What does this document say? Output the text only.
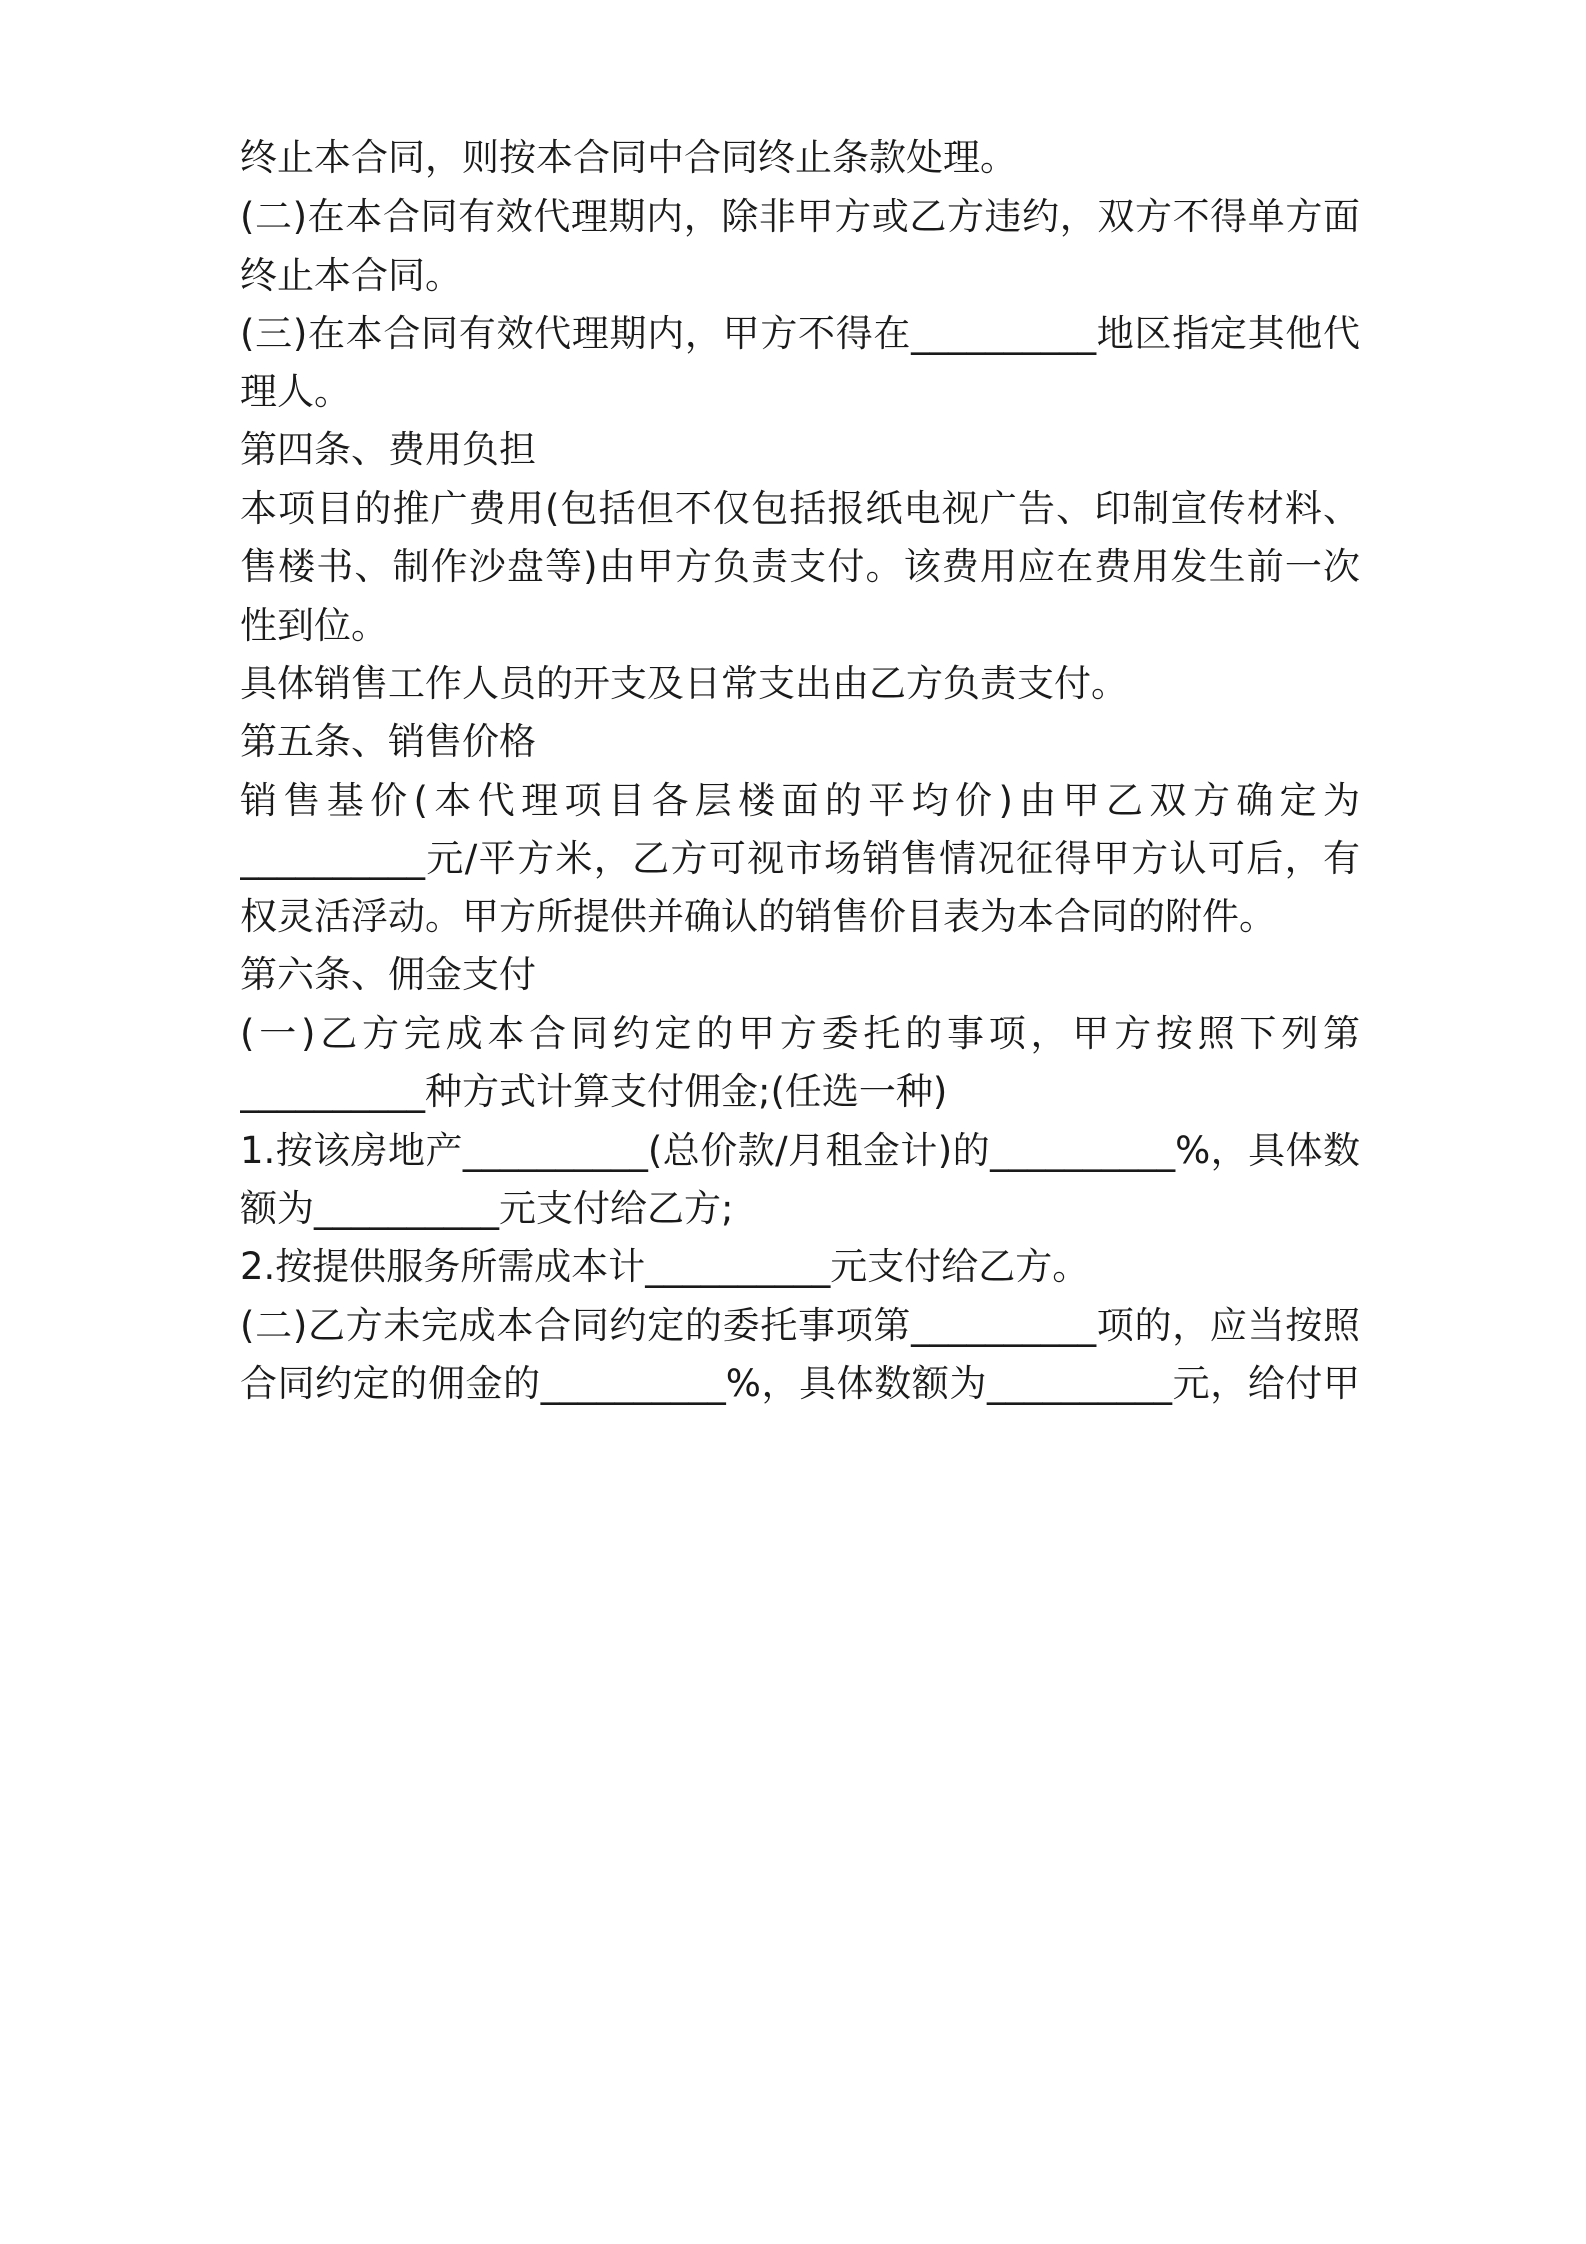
终止本合同，则按本合同中合同终止条款处理。
(二)在本合同有效代理期内，除非甲方或乙方违约，双方不得单方面
终止本合同。
(三)在本合同有效代理期内，甲方不得在__________地区指定其他代
理人。
第四条、费用负担
本项目的推广费用(包括但不仅包括报纸电视广告、印制宣传材料、
售楼书、制作沙盘等)由甲方负责支付。该费用应在费用发生前一次
性到位。
具体销售工作人员的开支及日常支出由乙方负责支付。
第五条、销售价格
销售基价(本代理项目各层楼面的平均价)由甲乙双方确定为
__________元/平方米，乙方可视市场销售情况征得甲方认可后，有
权灵活浮动。甲方所提供并确认的销售价目表为本合同的附件。
第六条、佣金支付
(一)乙方完成本合同约定的甲方委托的事项，甲方按照下列第
__________种方式计算支付佣金;(任选一种)
1.按该房地产__________(总价款/月租金计)的__________%，具体数
额为__________元支付给乙方;
2.按提供服务所需成本计__________元支付给乙方。
(二)乙方未完成本合同约定的委托事项第__________项的，应当按照
合同约定的佣金的__________%，具体数额为__________元，给付甲
